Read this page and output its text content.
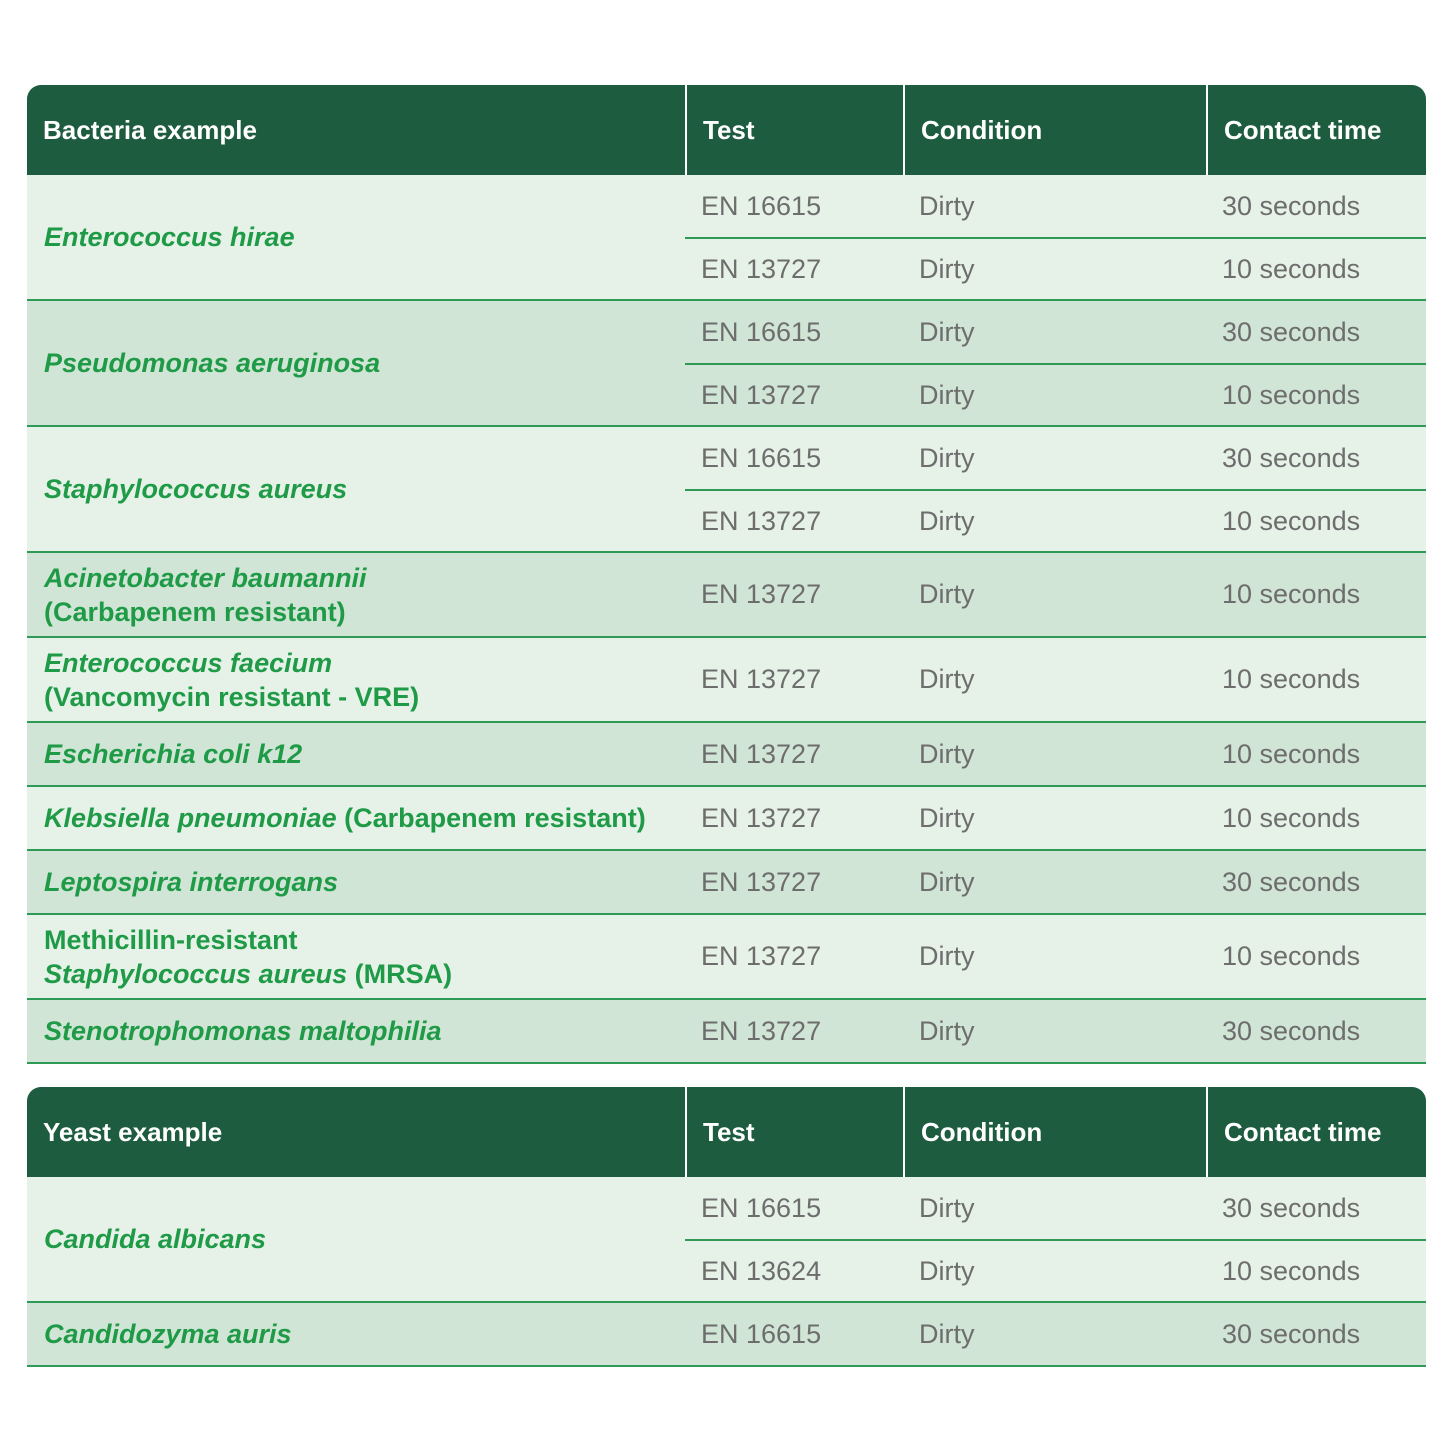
Bacteria example	Test	Condition	Contact time
Enterococcus hirae
EN 16615	Dirty	30 seconds
EN 13727	Dirty	10 seconds
Pseudomonas aeruginosa
EN 16615	Dirty	30 seconds
EN 13727	Dirty	10 seconds
Staphylococcus aureus
EN 16615	Dirty	30 seconds
EN 13727	Dirty	10 seconds
Acinetobacter baumannii
(Carbapenem resistant)
EN 13727	Dirty	10 seconds
Enterococcus faecium
(Vancomycin resistant - VRE)
EN 13727	Dirty	10 seconds
Escherichia coli k12	EN 13727	Dirty	10 seconds
Klebsiella pneumoniae (Carbapenem resistant)	EN 13727	Dirty	10 seconds
Leptospira interrogans	EN 13727	Dirty	30 seconds
Methicillin-resistant
Staphylococcus aureus (MRSA)
EN 13727	Dirty	10 seconds
Stenotrophomonas maltophilia	EN 13727	Dirty	30 seconds
Yeast example	Test	Condition	Contact time
Candida albicans
EN 16615	Dirty	30 seconds
EN 13624	Dirty	10 seconds
Candidozyma auris	EN 16615	Dirty	30 seconds
